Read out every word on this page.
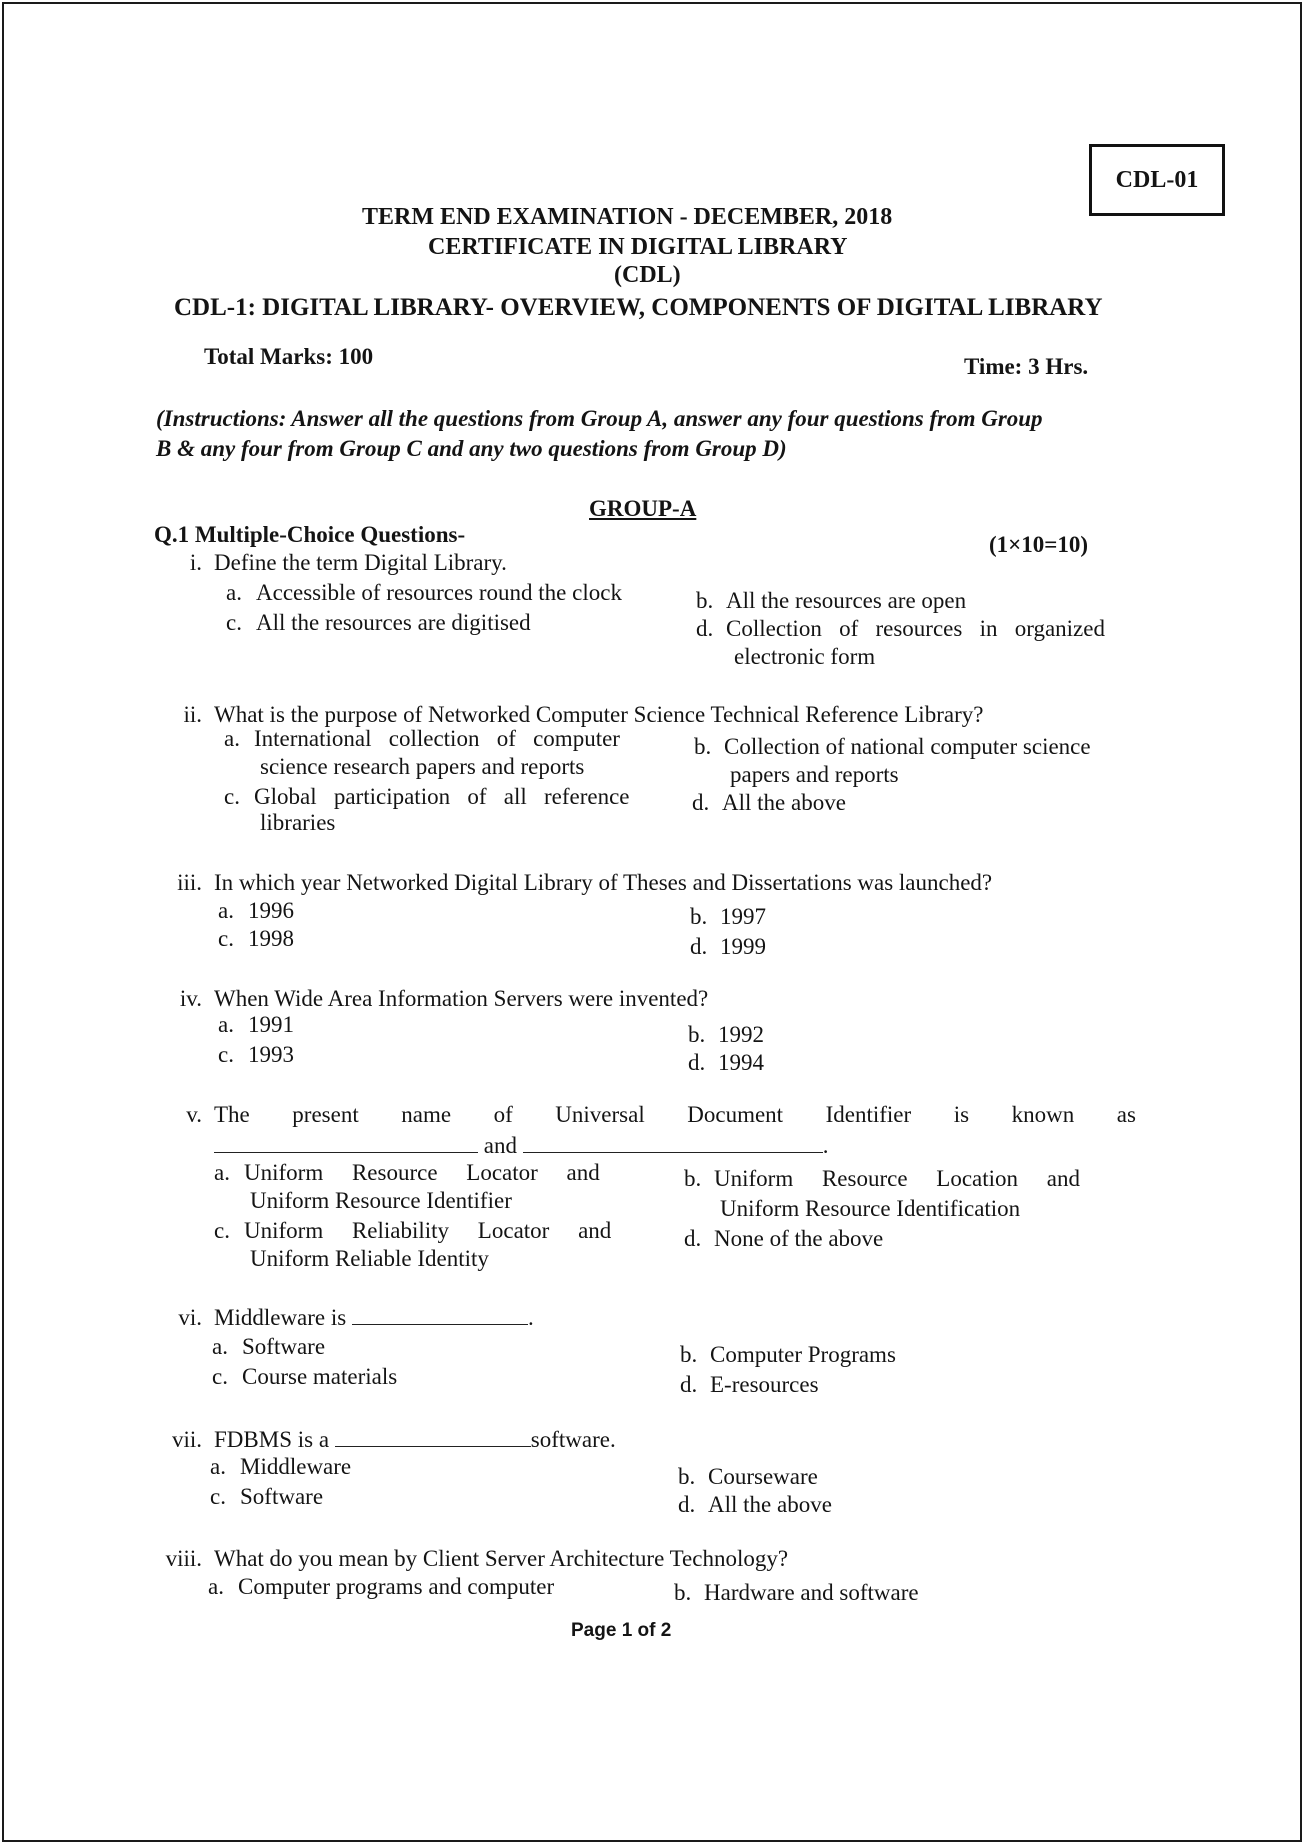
CDL-01
TERM END EXAMINATION - DECEMBER, 2018
CERTIFICATE IN DIGITAL LIBRARY
(CDL)
CDL-1: DIGITAL LIBRARY- OVERVIEW, COMPONENTS OF DIGITAL LIBRARY
Total Marks: 100	Time: 3 Hrs.
(Instructions: Answer all the questions from Group A, answer any four questions from Group
B & any four from Group C and any two questions from Group D)
GROUP-A
Q.1 Multiple-Choice Questions-	(1×10=10)
i. Define the term Digital Library.
a. Accessible of resources round the clock	b. All the resources are open
c. All the resources are digitised	d. Collection   of   resources   in   organized
electronic form
ii. What is the purpose of Networked Computer Science Technical Reference Library?
a. International   collection   of   computer
science research papers and reports
b. Collection of national computer science
papers and reports
c. Global   participation   of   all   reference
libraries
d. All the above
iii. In which year Networked Digital Library of Theses and Dissertations was launched?
a. 1996	b. 1997
c. 1998	d. 1999
iv. When Wide Area Information Servers were invented?
a. 1991	b. 1992
c. 1993	d. 1994
v. The present name of Universal Document Identifier is known as
and	.
a. Uniform     Resource     Locator     and
Uniform Resource Identifier
b. Uniform     Resource     Location     and
Uniform Resource Identification
c. Uniform     Reliability     Locator     and
Uniform Reliable Identity
d. None of the above
vi. Middleware is	.
a. Software	b. Computer Programs
c. Course materials	d. E-resources
vii. FDBMS is a	software.
a. Middleware	b. Courseware
c. Software	d. All the above
viii. What do you mean by Client Server Architecture Technology?
a. Computer programs and computer	b. Hardware and software
Page 1 of 2
